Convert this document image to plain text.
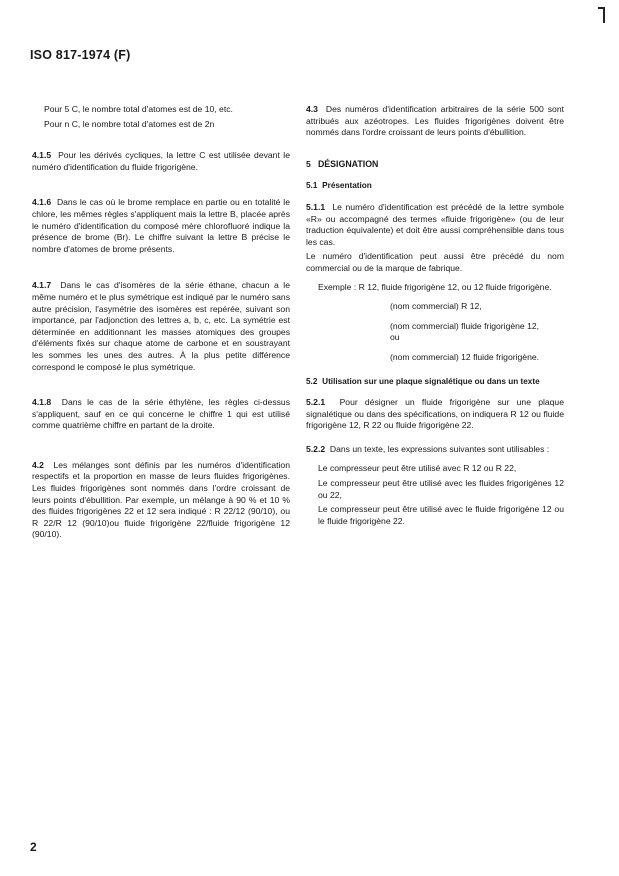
ISO 817-1974 (F)

Pour 5 C, le nombre total d'atomes est de 10, etc.

Pour n C, le nombre total d'atomes est de 2n

4.1.5 Pour les dérivés cycliques, la lettre C est utilisée devant le numéro d'identification du fluide frigorigène.

4.1.6 Dans le cas où le brome remplace en partie ou en totalité le chlore, les mêmes règles s'appliquent mais la lettre B, placée après le numéro d'identification du composé mère chlorofluoré indique la présence de brome (Br). Le chiffre suivant la lettre B précise le nombre d'atomes de brome présents.

4.1.7 Dans le cas d'isomères de la série éthane, chacun a le même numéro et le plus symétrique est indiqué par le numéro sans autre précision, l'asymétrie des isomères est repérée, suivant son importance, par l'adjonction des lettres a, b, c, etc. La symétrie est déterminée en additionnant les masses atomiques des groupes d'éléments fixés sur chaque atome de carbone et en soustrayant les sommes les unes des autres. À la plus petite différence correspond le composé le plus symétrique.

4.1.8 Dans le cas de la série éthylène, les règles ci-dessus s'appliquent, sauf en ce qui concerne le chiffre 1 qui est utilisé comme quatrième chiffre en partant de la droite.

4.2 Les mélanges sont définis par les numéros d'identification respectifs et la proportion en masse de leurs fluides frigorigènes. Les fluides frigorigènes sont nommés dans l'ordre croissant de leurs points d'ébullition. Par exemple, un mélange à 90 % et 10 % des fluides frigorigènes 22 et 12 sera indiqué : R 22/12 (90/10), ou R 22/R 12 (90/10)ou fluide frigorigène 22/fluide frigorigène 12 (90/10).

4.3 Des numéros d'identification arbitraires de la série 500 sont attribués aux azéotropes. Les fluides frigorigènes doivent être nommés dans l'ordre croissant de leurs points d'ébullition.

5 DÉSIGNATION

5.1 Présentation

5.1.1 Le numéro d'identification est précédé de la lettre symbole «R» ou accompagné des termes «fluide frigorigène» (ou de leur traduction équivalente) et doit être aussi compréhensible dans tous les cas.

Le numéro d'identification peut aussi être précédé du nom commercial ou de la marque de fabrique.

Exemple : R 12, fluide frigorigène 12, ou 12 fluide frigorigène.

(nom commercial) R 12,

(nom commercial) fluide frigorigène 12,

ou

(nom commercial) 12 fluide frigorigène.

5.2 Utilisation sur une plaque signalétique ou dans un texte

5.2.1 Pour désigner un fluide frigorigène sur une plaque signalétique ou dans des spécifications, on indiquera R 12 ou fluide frigorigène 12, R 22 ou fluide frigorigène 22.

5.2.2 Dans un texte, les expressions suivantes sont utilisables :

Le compresseur peut être utilisé avec R 12 ou R 22,

Le compresseur peut être utilisé avec les fluides frigorigènes 12 ou 22,

Le compresseur peut être utilisé avec le fluide frigorigène 12 ou le fluide frigorigène 22.

2
